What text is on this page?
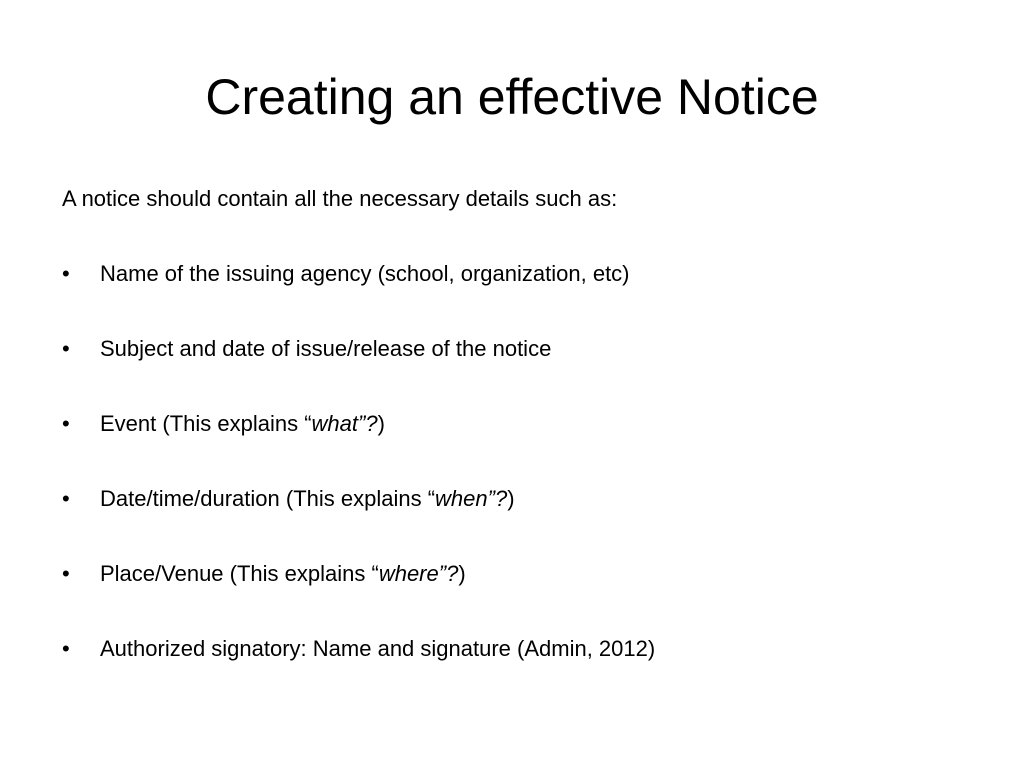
Creating an effective Notice

A notice should contain all the necessary details such as:

•	Name of the issuing agency (school, organization, etc)
•	Subject and date of issue/release of the notice
•	Event (This explains “what”?)
•	Date/time/duration (This explains “when”?)
•	Place/Venue (This explains “where”?)
•	Authorized signatory: Name and signature (Admin, 2012)
